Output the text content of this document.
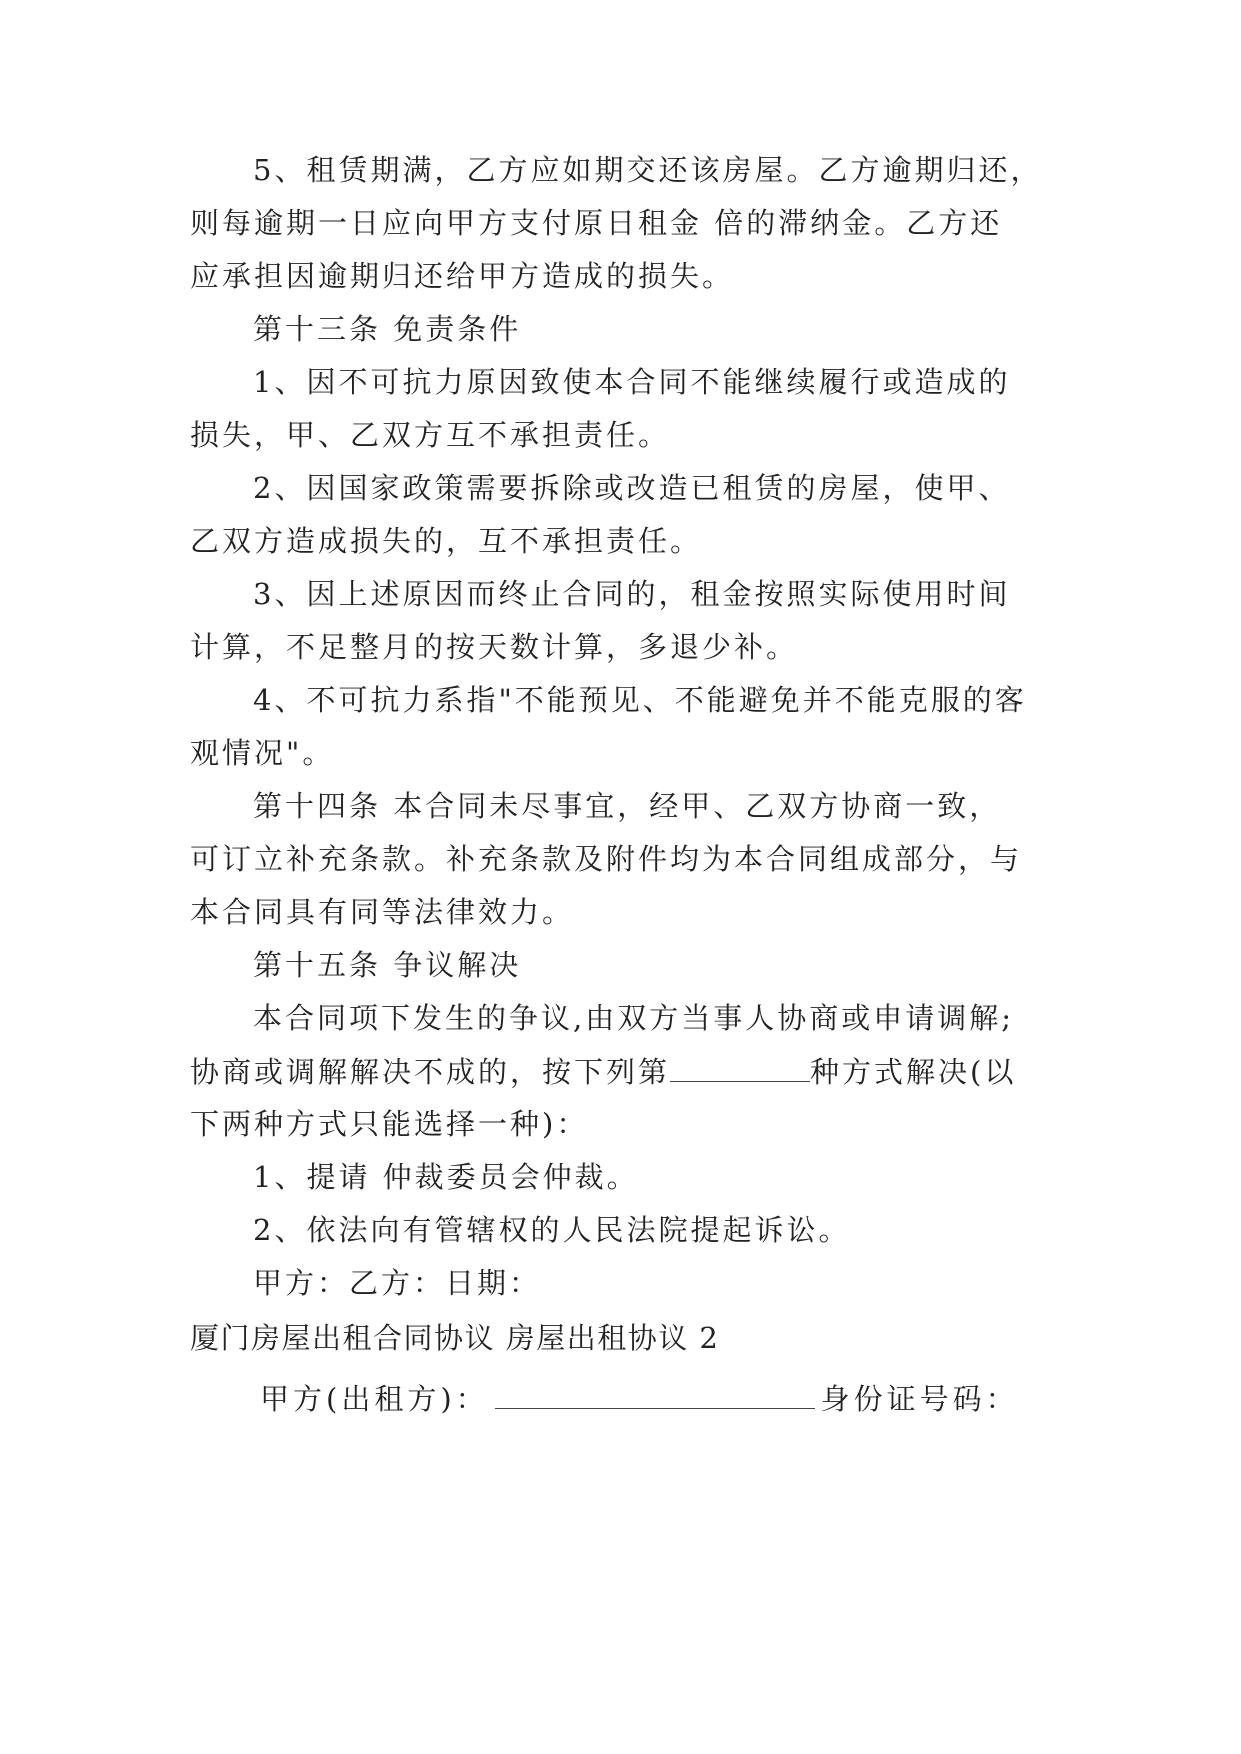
5、租赁期满，乙方应如期交还该房屋。乙方逾期归还，
则每逾期一日应向甲方支付原日租金 倍的滞纳金。乙方还
应承担因逾期归还给甲方造成的损失。
第十三条 免责条件
1、因不可抗力原因致使本合同不能继续履行或造成的
损失，甲、乙双方互不承担责任。
2、因国家政策需要拆除或改造已租赁的房屋，使甲、
乙双方造成损失的，互不承担责任。
3、因上述原因而终止合同的，租金按照实际使用时间
计算，不足整月的按天数计算，多退少补。
4、不可抗力系指"不能预见、不能避免并不能克服的客
观情况"。
第十四条 本合同未尽事宜，经甲、乙双方协商一致，
可订立补充条款。补充条款及附件均为本合同组成部分，与
本合同具有同等法律效力。
第十五条 争议解决
本合同项下发生的争议,由双方当事人协商或申请调解;
协商或调解解决不成的，按下列第	种方式解决(以
下两种方式只能选择一种)：
1、提请 仲裁委员会仲裁。
2、依法向有管辖权的人民法院提起诉讼。
甲方：乙方：日期：
厦门房屋出租合同协议 房屋出租协议 2
甲方(出租方)：	身份证号码：
